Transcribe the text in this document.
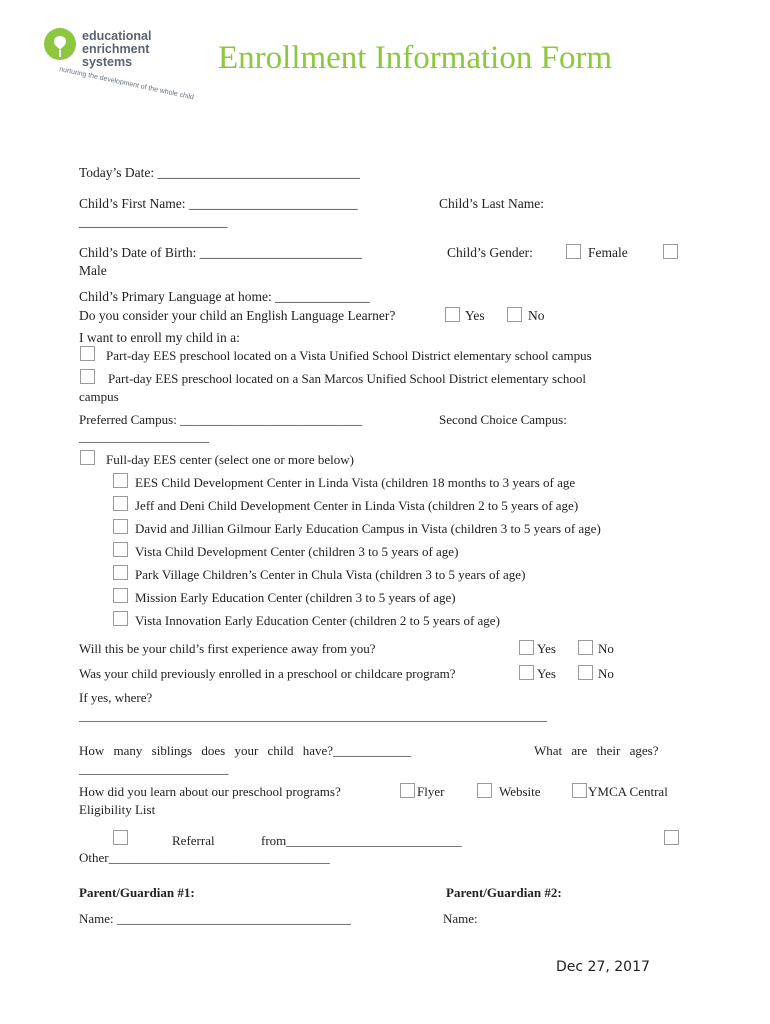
educational
enrichment
systems
nurturing the development of the whole child
Enrollment Information Form
Today’s Date: ______________________________
Child’s First Name: _________________________	Child’s Last Name:
______________________
Child’s Date of Birth: ________________________	Child’s Gender:	Female
Male
Child’s Primary Language at home: ______________
Do you consider your child an English Language Learner?	Yes	No
I want to enroll my child in a:
Part-day EES preschool located on a Vista Unified School District elementary school campus
Part-day EES preschool located on a San Marcos Unified School District elementary school
campus
Preferred Campus: ____________________________	Second Choice Campus:
____________________
Full-day EES center (select one or more below)
EES Child Development Center in Linda Vista (children 18 months to 3 years of age
Jeff and Deni Child Development Center in Linda Vista (children 2 to 5 years of age)
David and Jillian Gilmour Early Education Campus in Vista (children 3 to 5 years of age)
Vista Child Development Center (children 3 to 5 years of age)
Park Village Children’s Center in Chula Vista (children 3 to 5 years of age)
Mission Early Education Center (children 3 to 5 years of age)
Vista Innovation Early Education Center (children 2 to 5 years of age)
Will this be your child’s first experience away from you?	Yes	No
Was your child previously enrolled in a preschool or childcare program?	Yes	No
If yes, where?
________________________________________________________________________
How many siblings does your child have?____________	What are their ages?
_______________________
How did you learn about our preschool programs?	Flyer	Website	YMCA Central
Eligibility List
Referral	from___________________________
Other__________________________________
Parent/Guardian #1:	Parent/Guardian #2:
Name: ____________________________________	Name:
Dec 27, 2017
